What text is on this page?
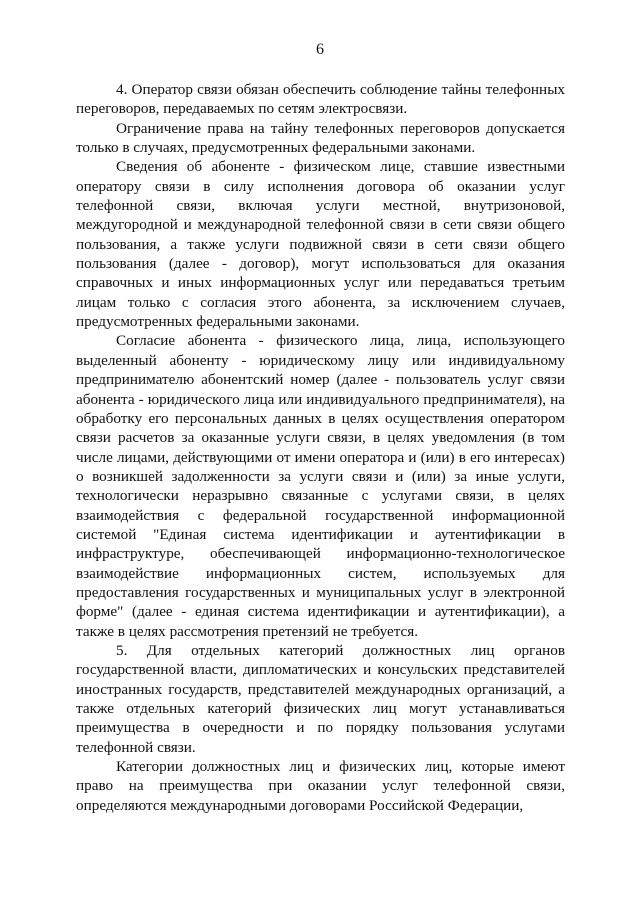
6

4. Оператор связи обязан обеспечить соблюдение тайны телефонных переговоров, передаваемых по сетям электросвязи.

Ограничение права на тайну телефонных переговоров допускается только в случаях, предусмотренных федеральными законами.

Сведения об абоненте - физическом лице, ставшие известными оператору связи в силу исполнения договора об оказании услуг телефонной связи, включая услуги местной, внутризоновой, междугородной и международной телефонной связи в сети связи общего пользования, а также услуги подвижной связи в сети связи общего пользования (далее - договор), могут использоваться для оказания справочных и иных информационных услуг или передаваться третьим лицам только с согласия этого абонента, за исключением случаев, предусмотренных федеральными законами.

Согласие абонента - физического лица, лица, использующего выделенный абоненту - юридическому лицу или индивидуальному предпринимателю абонентский номер (далее - пользователь услуг связи абонента - юридического лица или индивидуального предпринимателя), на обработку его персональных данных в целях осуществления оператором связи расчетов за оказанные услуги связи, в целях уведомления (в том числе лицами, действующими от имени оператора и (или) в его интересах) о возникшей задолженности за услуги связи и (или) за иные услуги, технологически неразрывно связанные с услугами связи, в целях взаимодействия с федеральной государственной информационной системой "Единая система идентификации и аутентификации в инфраструктуре, обеспечивающей информационно-технологическое взаимодействие информационных систем, используемых для предоставления государственных и муниципальных услуг в электронной форме" (далее - единая система идентификации и аутентификации), а также в целях рассмотрения претензий не требуется.

5. Для отдельных категорий должностных лиц органов государственной власти, дипломатических и консульских представителей иностранных государств, представителей международных организаций, а также отдельных категорий физических лиц могут устанавливаться преимущества в очередности и по порядку пользования услугами телефонной связи.

Категории должностных лиц и физических лиц, которые имеют право на преимущества при оказании услуг телефонной связи, определяются международными договорами Российской Федерации,
